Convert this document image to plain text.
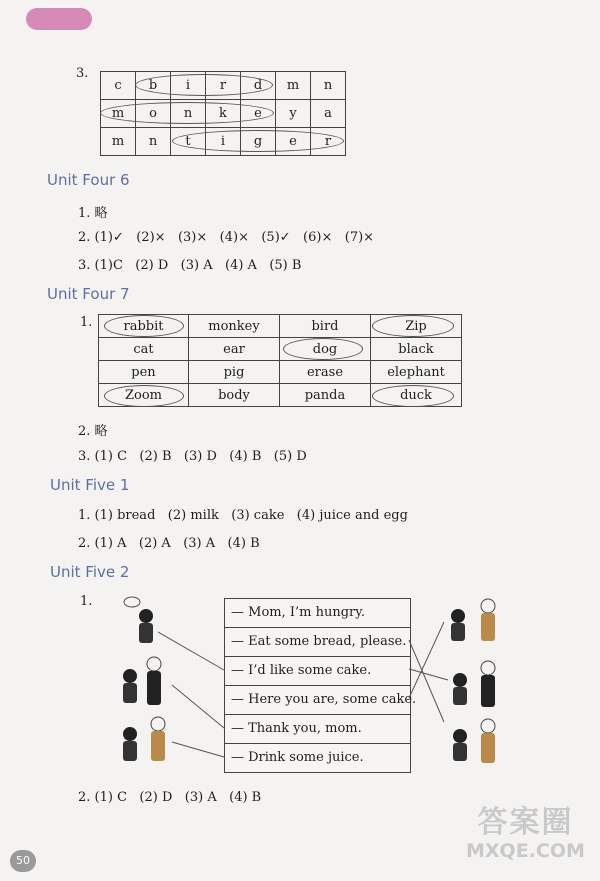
3.
c	b	i	r	d	m	n
m	o	n	k	e	y	a
m	n	t	i	g	e	r
Unit Four 6
1. 略
2. (1)✓   (2)×   (3)×   (4)×   (5)✓   (6)×   (7)×
3. (1)C   (2) D   (3) A   (4) A   (5) B
Unit Four 7
1. rabbit	monkey	bird	Zip
cat	ear	dog	black
pen	pig	erase	elephant
Zoom	body	panda	duck
2. 略
3. (1) C   (2) B   (3) D   (4) B   (5) D
Unit Five 1
1. (1) bread   (2) milk   (3) cake   (4) juice and egg
2. (1) A   (2) A   (3) A   (4) B
Unit Five 2
1.
— Mom, I’m hungry.
— Eat some bread, please.
— I’d like some cake.
— Here you are, some cake.
— Thank you, mom.
— Drink some juice.
2. (1) C   (2) D   (3) A   (4) B
50
答案圈
MXQE.COM
